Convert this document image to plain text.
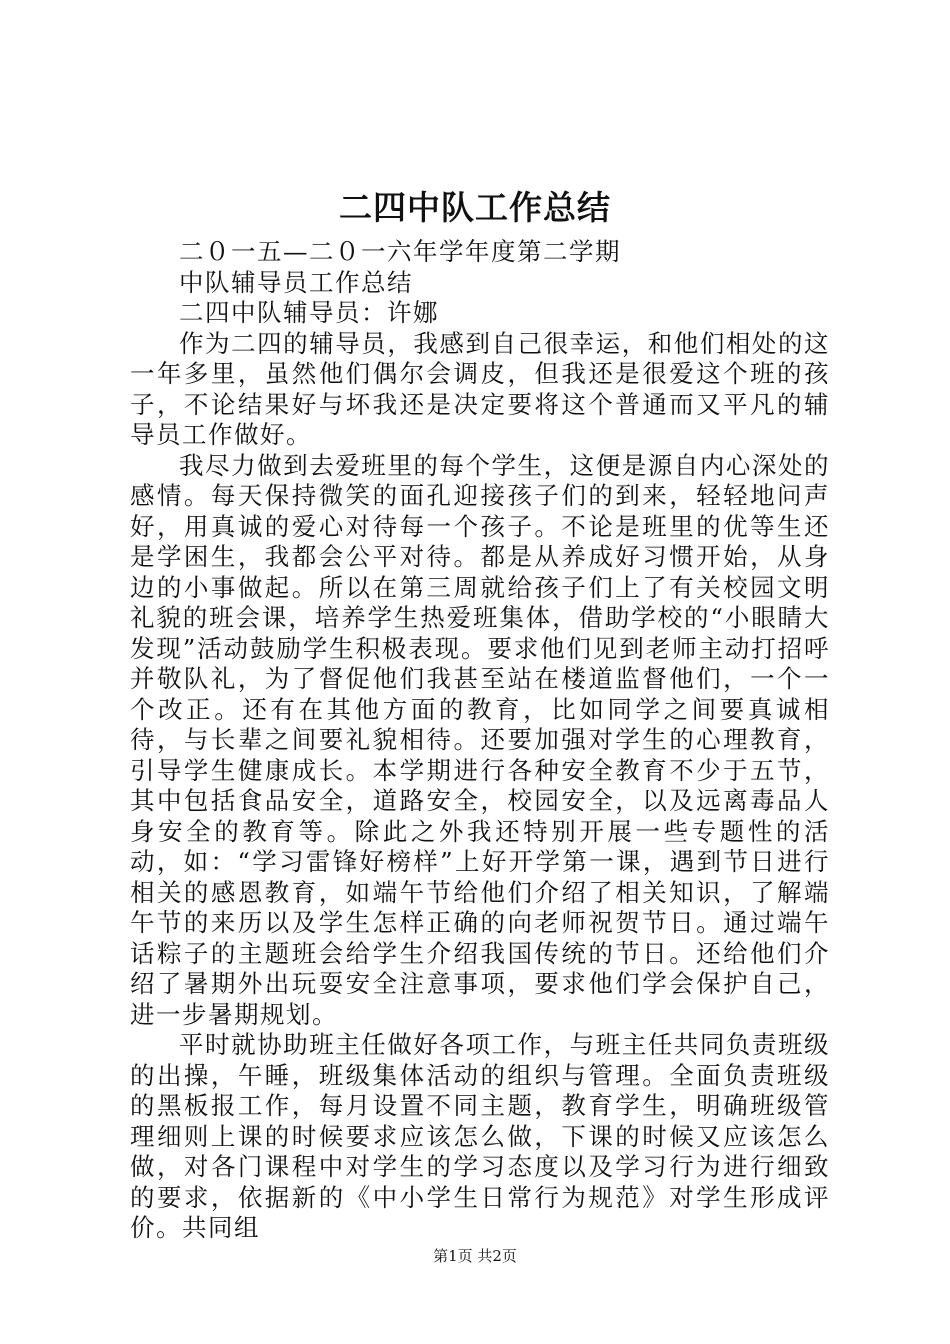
二四中队工作总结

二０一五—二０一六年学年度第二学期

中队辅导员工作总结

二四中队辅导员：许娜

作为二四的辅导员，我感到自己很幸运，和他们相处的这一年多里，虽然他们偶尔会调皮，但我还是很爱这个班的孩子，不论结果好与坏我还是决定要将这个普通而又平凡的辅导员工作做好。

我尽力做到去爱班里的每个学生，这便是源自内心深处的感情。每天保持微笑的面孔迎接孩子们的到来，轻轻地问声好，用真诚的爱心对待每一个孩子。不论是班里的优等生还是学困生，我都会公平对待。都是从养成好习惯开始，从身边的小事做起。所以在第三周就给孩子们上了有关校园文明礼貌的班会课，培养学生热爱班集体，借助学校的“小眼睛大发现”活动鼓励学生积极表现。要求他们见到老师主动打招呼并敬队礼，为了督促他们我甚至站在楼道监督他们，一个一个改正。还有在其他方面的教育，比如同学之间要真诚相待，与长辈之间要礼貌相待。还要加强对学生的心理教育，引导学生健康成长。本学期进行各种安全教育不少于五节，其中包括食品安全，道路安全，校园安全，以及远离毒品人身安全的教育等。除此之外我还特别开展一些专题性的活动，如：“学习雷锋好榜样”上好开学第一课，遇到节日进行相关的感恩教育，如端午节给他们介绍了相关知识，了解端午节的来历以及学生怎样正确的向老师祝贺节日。通过端午话粽子的主题班会给学生介绍我国传统的节日。还给他们介绍了暑期外出玩耍安全注意事项，要求他们学会保护自己，进一步暑期规划。

平时就协助班主任做好各项工作，与班主任共同负责班级的出操，午睡，班级集体活动的组织与管理。全面负责班级的黑板报工作，每月设置不同主题，教育学生，明确班级管理细则上课的时候要求应该怎么做，下课的时候又应该怎么做，对各门课程中对学生的学习态度以及学习行为进行细致的要求，依据新的《中小学生日常行为规范》对学生形成评价。共同组

第1页 共2页
